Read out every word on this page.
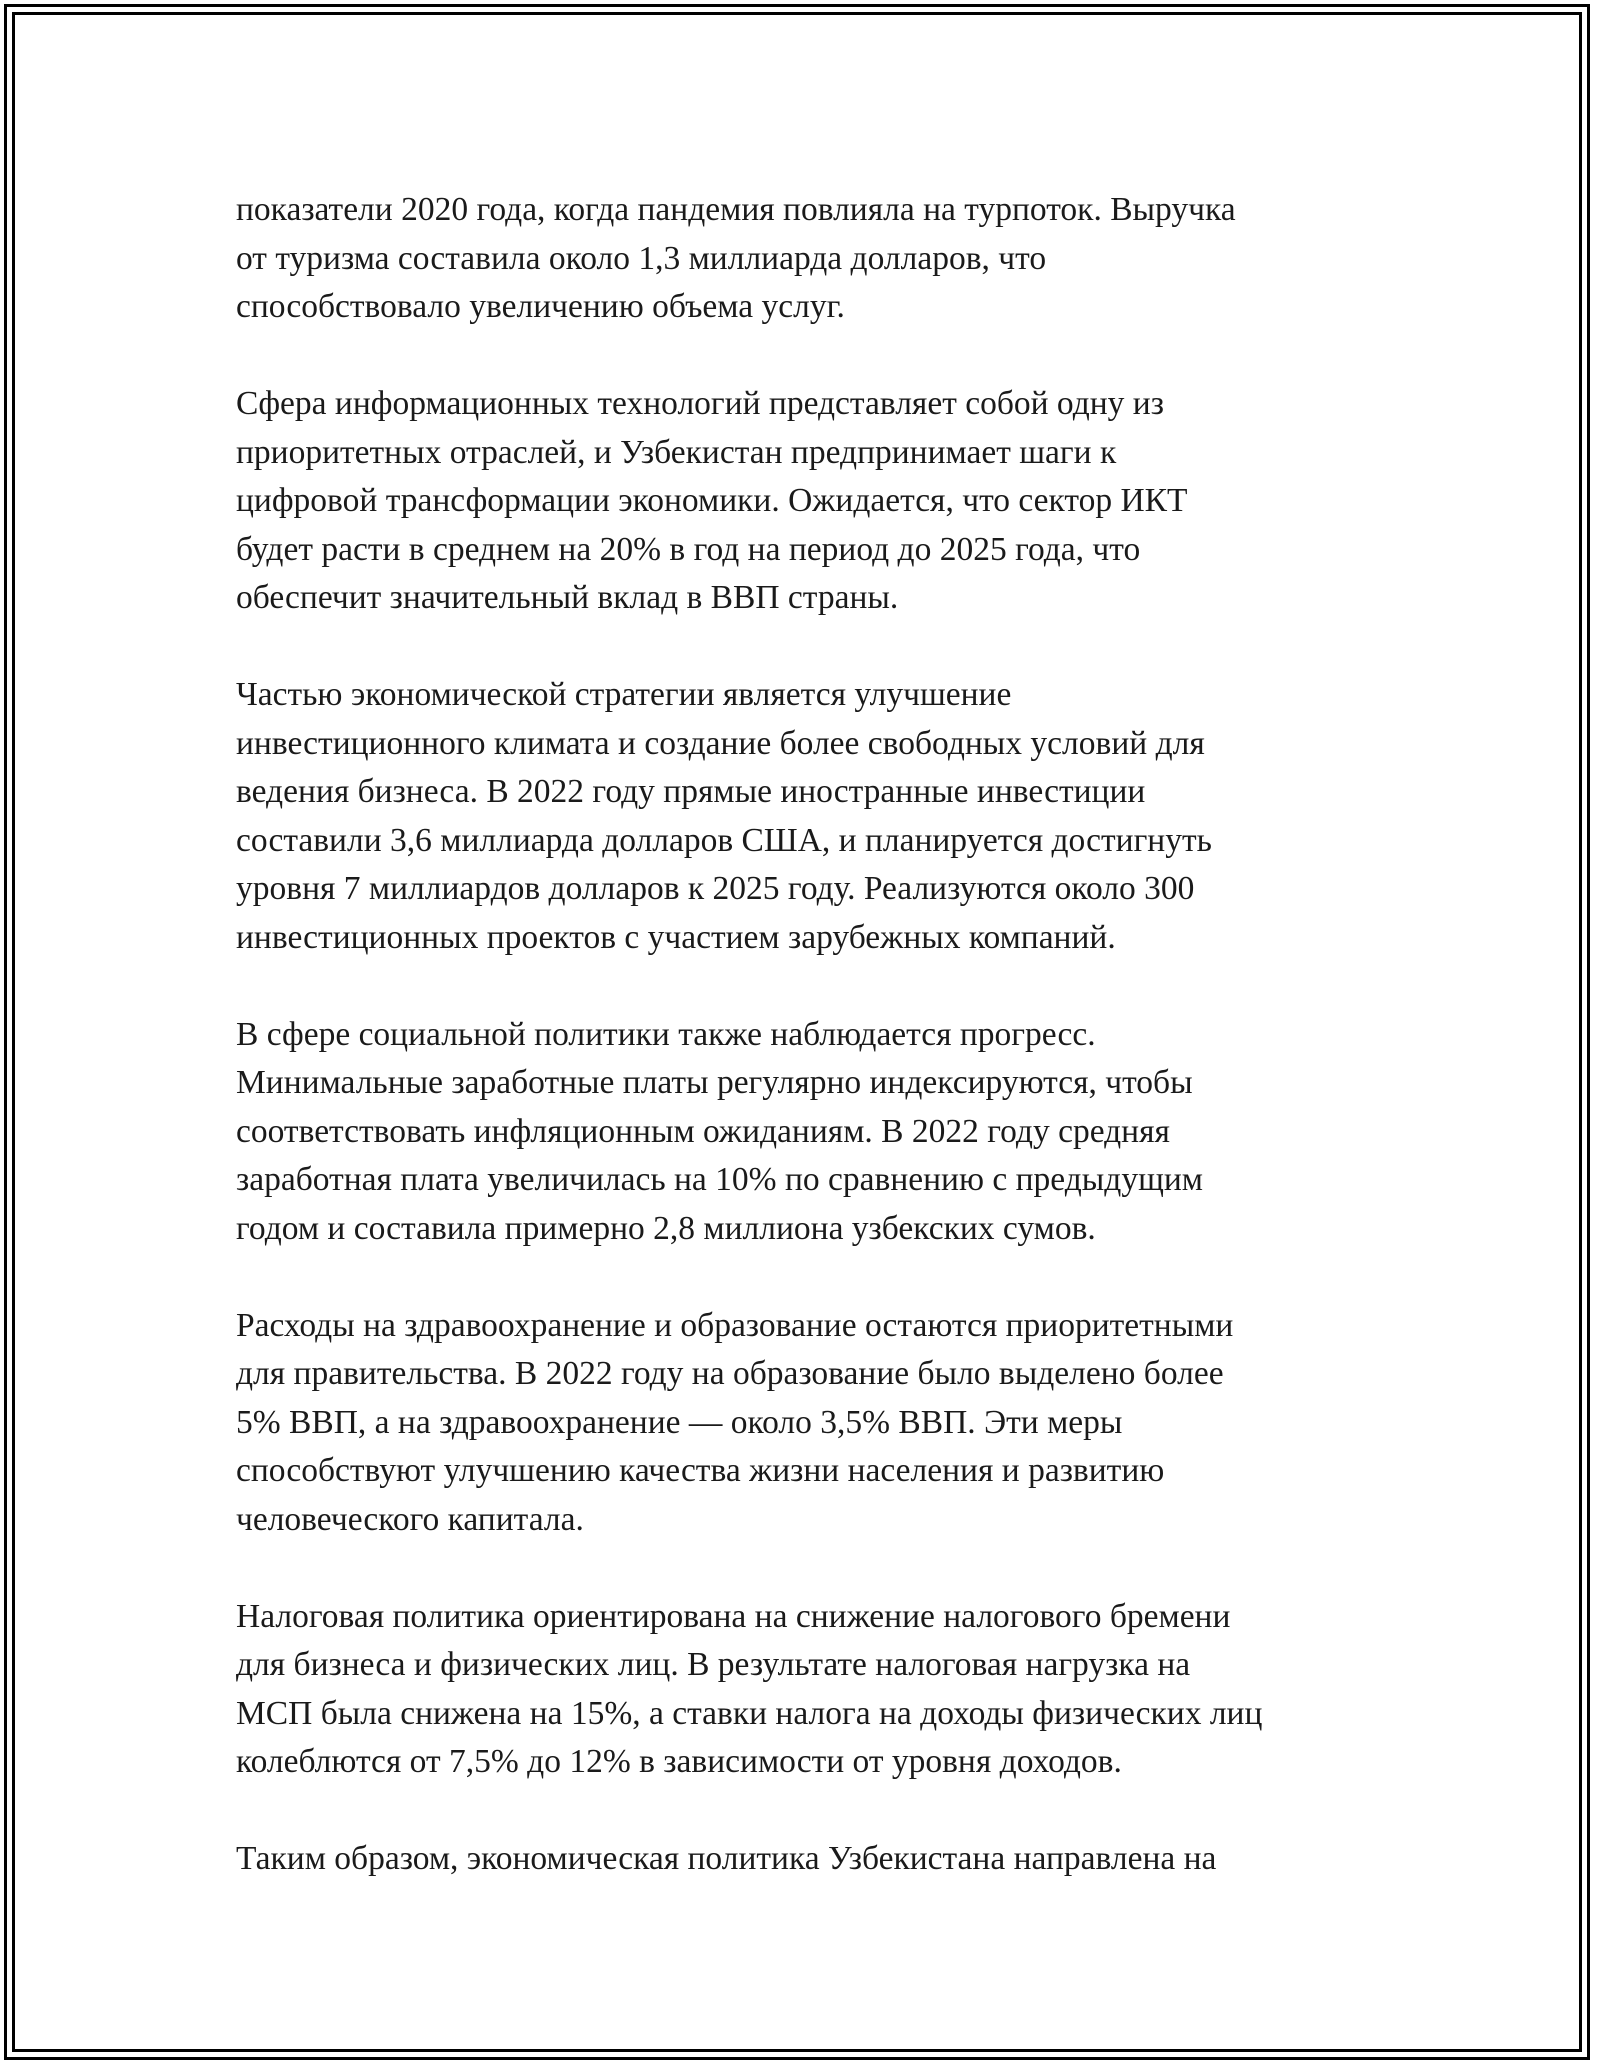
показатели 2020 года, когда пандемия повлияла на турпоток. Выручка
от туризма составила около 1,3 миллиарда долларов, что
способствовало увеличению объема услуг.
Сфера информационных технологий представляет собой одну из
приоритетных отраслей, и Узбекистан предпринимает шаги к
цифровой трансформации экономики. Ожидается, что сектор ИКТ
будет расти в среднем на 20% в год на период до 2025 года, что
обеспечит значительный вклад в ВВП страны.
Частью экономической стратегии является улучшение
инвестиционного климата и создание более свободных условий для
ведения бизнеса. В 2022 году прямые иностранные инвестиции
составили 3,6 миллиарда долларов США, и планируется достигнуть
уровня 7 миллиардов долларов к 2025 году. Реализуются около 300
инвестиционных проектов с участием зарубежных компаний.
В сфере социальной политики также наблюдается прогресс.
Минимальные заработные платы регулярно индексируются, чтобы
соответствовать инфляционным ожиданиям. В 2022 году средняя
заработная плата увеличилась на 10% по сравнению с предыдущим
годом и составила примерно 2,8 миллиона узбекских сумов.
Расходы на здравоохранение и образование остаются приоритетными
для правительства. В 2022 году на образование было выделено более
5% ВВП, а на здравоохранение — около 3,5% ВВП. Эти меры
способствуют улучшению качества жизни населения и развитию
человеческого капитала.
Налоговая политика ориентирована на снижение налогового бремени
для бизнеса и физических лиц. В результате налоговая нагрузка на
МСП была снижена на 15%, а ставки налога на доходы физических лиц
колеблются от 7,5% до 12% в зависимости от уровня доходов.
Таким образом, экономическая политика Узбекистана направлена на
